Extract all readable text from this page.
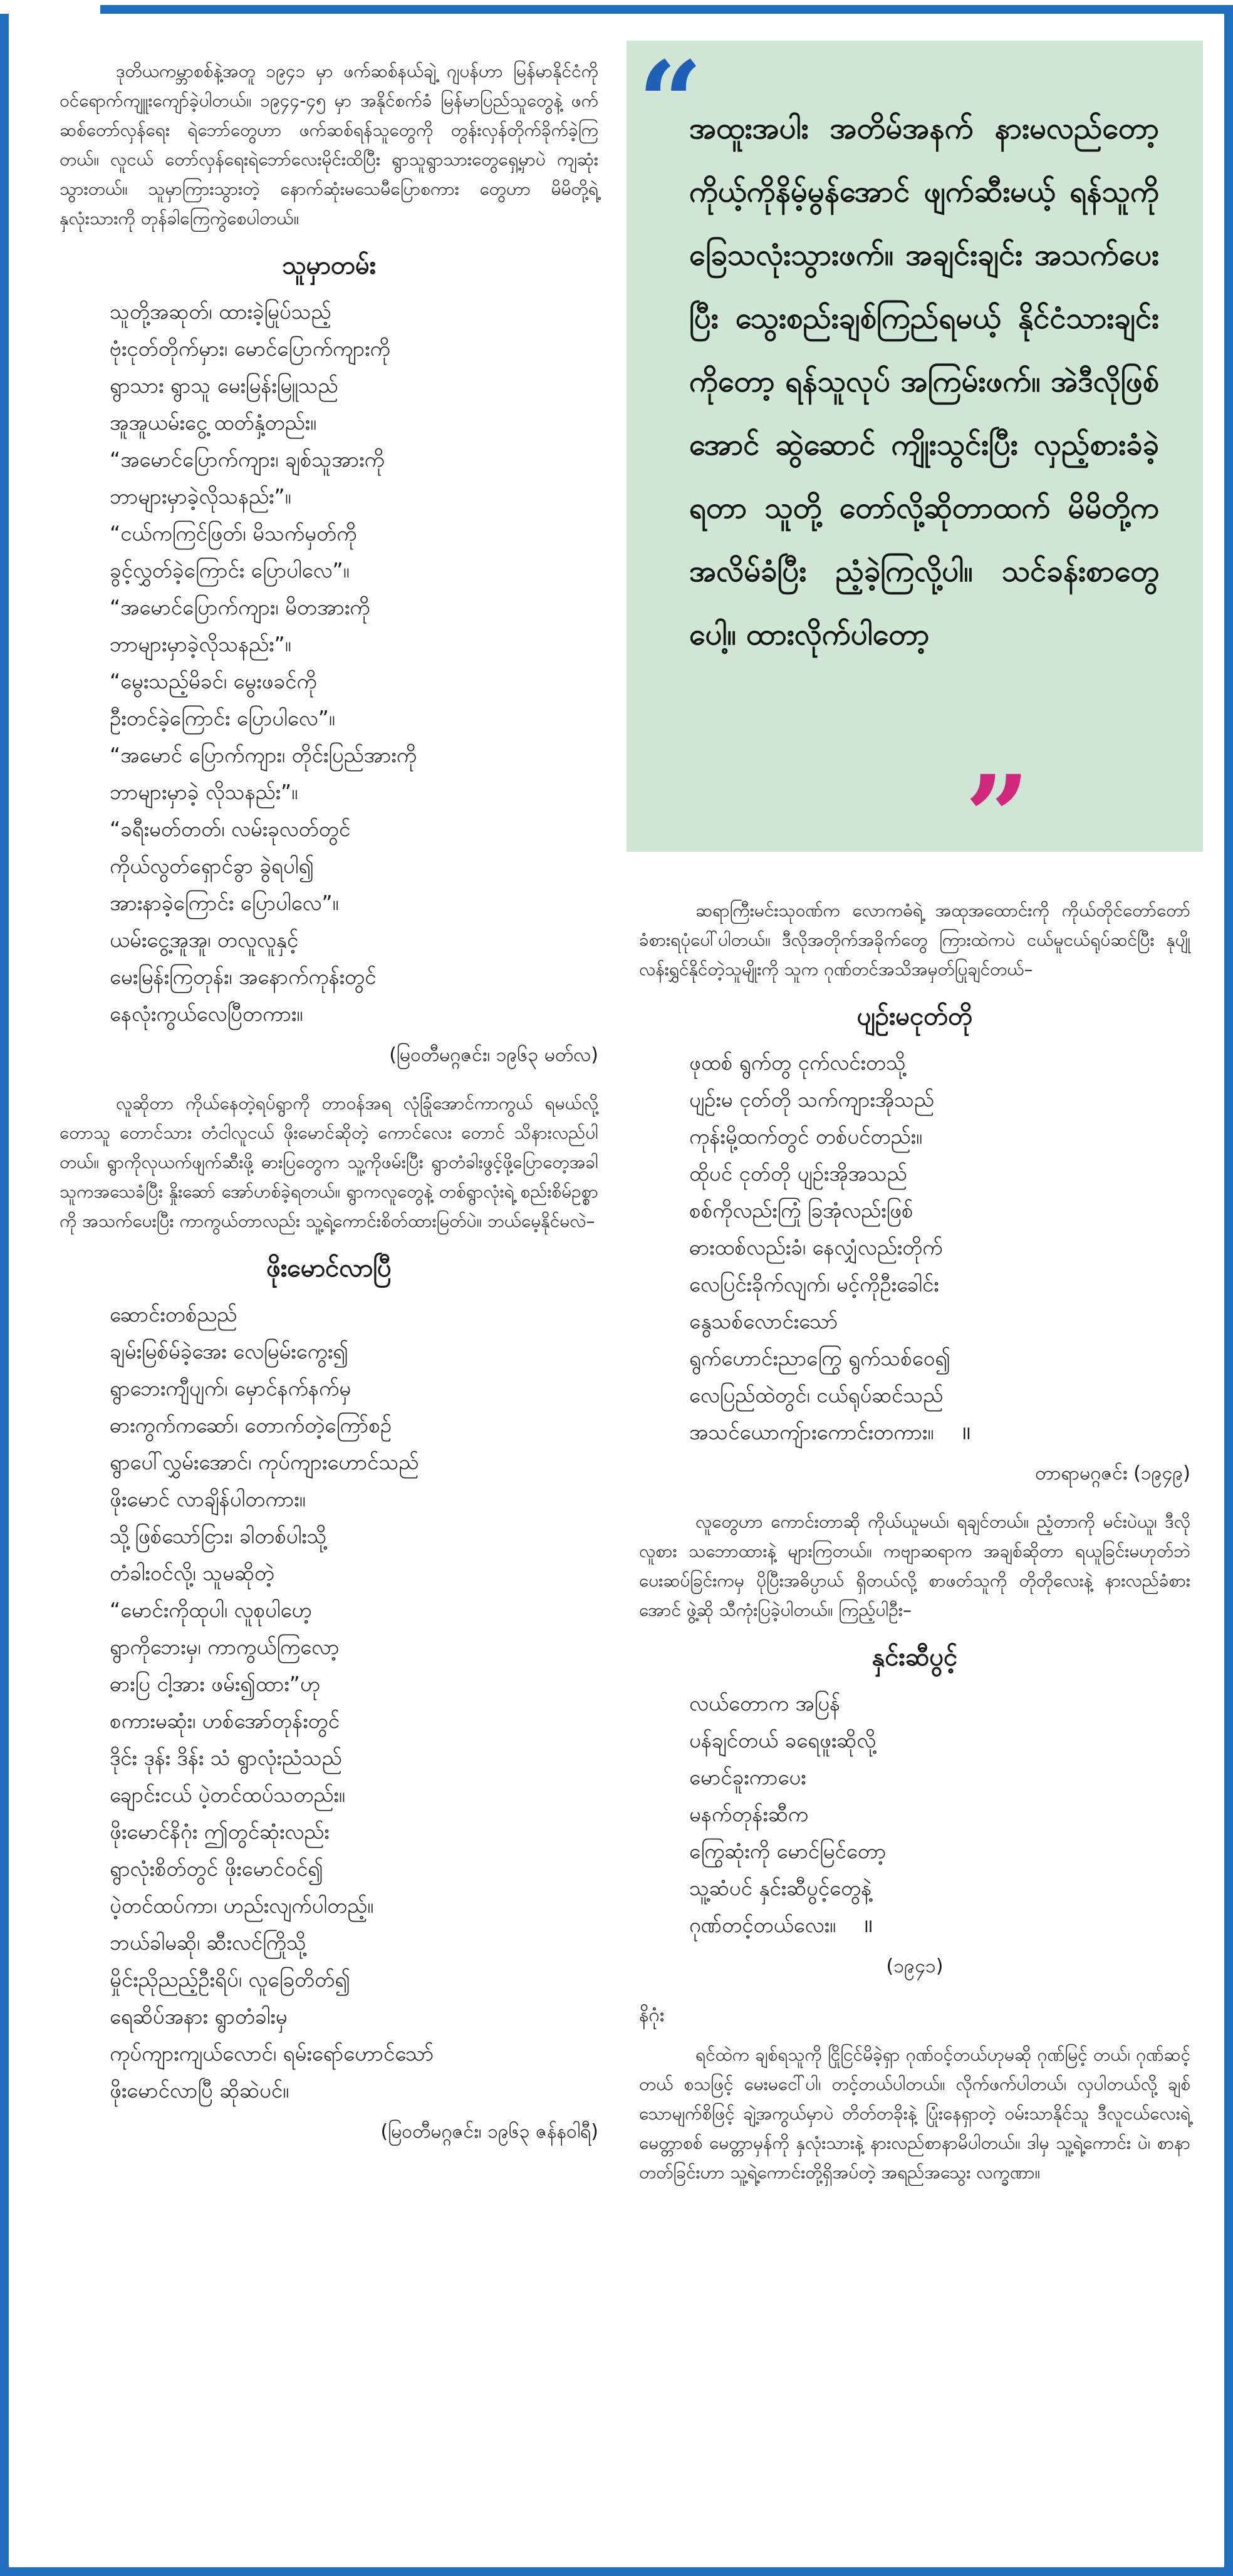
ဒုတိယကမ္ဘာစစ်နဲ့အတူ ၁၉၄၁ မှာ ဖက်ဆစ်နယ်ချဲ့ ဂျပန်ဟာ မြန်မာနိုင်ငံကို ဝင်ရောက်ကျူးကျော်ခဲ့ပါတယ်။ ၁၉၄၄-၄၅ မှာ အနိုင်စက်ခံ မြန်မာပြည်သူတွေနဲ့ ဖက်ဆစ်တော်လှန်ရေး ရဲဘော်တွေဟာ ဖက်ဆစ်ရန်သူတွေကို တွန်းလှန်တိုက်ခိုက်ခဲ့ကြတယ်။ လူငယ် တော်လှန်ရေးရဲဘော်လေးမိုင်းထိပြီး ရွာသူရွာသားတွေရှေ့မှာပဲ ကျဆုံးသွားတယ်။ သူမှာကြားသွားတဲ့ နောက်ဆုံးမသေမီပြောစကား တွေဟာ မိမိတို့ရဲ့ နှလုံးသားကို တုန်ခါကြေကွဲစေပါတယ်။

သူမှာတမ်း
သူတို့အဆုတ်၊ ထားခဲ့မြုပ်သည့်
ဗုံးငုတ်တိုက်မှား၊ မောင်ပြောက်ကျားကို
ရွာသား ရွာသူ မေးမြန်းမြူသည်
အူအူယမ်းငွေ့ ထတ်နှံ့တည်း။
“အမောင်ပြောက်ကျား၊ ချစ်သူအားကို
ဘာများမှာခဲ့လိုသနည်း”။
“ငယ်ကကြင်ဖြတ်၊ မိသက်မှတ်ကို
ခွင့်လွှတ်ခဲ့ကြောင်း ပြောပါလေ”။
“အမောင်ပြောက်ကျား၊ မိတအားကို
ဘာများမှာခဲ့လိုသနည်း”။
“မွေးသည့်မိခင်၊ မွေးဖခင်ကို
ဦးတင်ခဲ့ကြောင်း ပြောပါလေ”။
“အမောင် ပြောက်ကျား၊ တိုင်းပြည်အားကို
ဘာများမှာခဲ့ လိုသနည်း”။
“ခရီးမတ်တတ်၊ လမ်းခုလတ်တွင်
ကိုယ်လွတ်ရှောင်ခွာ ခွဲရပါ၍
အားနာခဲ့ကြောင်း ပြောပါလေ”။
ယမ်းငွေ့အူအူ၊ တလူလူနှင့်
မေးမြန်းကြတုန်း၊ အနောက်ကုန်းတွင်
နေလုံးကွယ်လေပြီတကား။
(မြဝတီမဂ္ဂဇင်း၊ ၁၉၆၃ မတ်လ)

လူဆိုတာ ကိုယ်နေတဲ့ရပ်ရွာကို တာဝန်အရ လုံခြုံအောင်ကာကွယ် ရမယ်လို့ တောသူ တောင်သား တံငါလူငယ် ဖိုးမောင်ဆိုတဲ့ ကောင်လေး တောင် သိနားလည်ပါတယ်။ ရွာကိုလုယက်ဖျက်ဆီးဖို့ ဓားပြတွေက သူ့ကိုဖမ်းပြီး ရွာတံခါးဖွင့်ဖို့ပြောတေ့အခါ သူကအသေခံပြီး နှိုးဆော် အော်ဟစ်ခဲ့ရတယ်။ ရွာကလူတွေနဲ့ တစ်ရွာလုံးရဲ့ စည်းစိမ်ဥစ္စာကို အသက်ပေးပြီး ကာကွယ်တာလည်း သူ့ရဲ့ကောင်းစိတ်ထားမြတ်ပဲ။ ဘယ်မေ့နိုင်မလဲ–

ဖိုးမောင်လာပြီ
ဆောင်းတစ်ညည်
ချမ်းမြစ်မ်ခဲ့အေး လေမြမ်းကွေး၍
ရွာဘေးကျီပျက်၊ မှောင်နက်နက်မှ
ဓားကွက်ကဆော်၊ တောက်တဲ့ကြော်စဉ်
ရွာပေါ်လွှမ်းအောင်၊ ကုပ်ကျားဟောင်သည်
ဖိုးမောင် လာချိန်ပါတကား။
သို့ဖြစ်သော်ငြား၊ ခါတစ်ပါးသို့
တံခါးဝင်လို့၊ သူမဆိုတဲ့
“မောင်းကိုထုပါ၊ လူစုပါဟေ့
ရွာကိုဘေးမှ၊ ကာကွယ်ကြလော့
ဓားပြ ငါ့အား ဖမ်း၍ထား”ဟု
စကားမဆုံး၊ ဟစ်အော်တုန်းတွင်
ဒိုင်း ဒုန်း ဒိန်း သံ ရွာလုံးညံသည်
ချောင်းငယ် ပဲ့တင်ထပ်သတည်း။
ဖိုးမောင်နိဂုံး ဤတွင်ဆုံးလည်း
ရွာလုံးစိတ်တွင် ဖိုးမောင်ဝင်၍
ပဲ့တင်ထပ်ကာ၊ ဟည်းလျက်ပါတည့်။
ဘယ်ခါမဆို၊ ဆီးလင်ကြိုသို့
မှိုင်းညိုညည့်ဦးရိပ်၊ လူခြေတိတ်၍
ရေဆိပ်အနား ရွာတံခါးမှ
ကုပ်ကျားကျယ်လောင်၊ ရမ်းရော်ဟောင်သော်
ဖိုးမောင်လာပြီ ဆိုဆဲပင်။
(မြဝတီမဂ္ဂဇင်း၊ ၁၉၆၃ ဇန်နဝါရီ)
“
အထူးအပါး အတိမ်အနက် နားမလည်တော့ ကိုယ့်ကိုနိမ့်မွန်အောင် ဖျက်ဆီးမယ့် ရန်သူကို ခြေသလုံးသွားဖက်။ အချင်းချင်း အသက်ပေးပြီး သွေးစည်းချစ်ကြည်ရမယ့် နိုင်ငံသားချင်းကိုတော့ ရန်သူလုပ် အကြမ်းဖက်။ အဲဒီလိုဖြစ်အောင် ဆွဲဆောင် ကျိုးသွင်းပြီး လှည့်စားခံခဲ့ရတာ သူတို့ တော်လို့ဆိုတာထက် မိမိတို့က အလိမ်ခံပြီး ညံ့ခဲ့ကြလို့ပါ။ သင်ခန်းစာတွေပေါ့။ ထားလိုက်ပါတော့
”

ဆရာကြီးမင်းသုဝဏ်က လောကဓံရဲ့ အထုအထောင်းကို ကိုယ်တိုင်တော်တော်ခံစားရပုံပေါ်ပါတယ်။ ဒီလိုအတိုက်အခိုက်တွေ ကြားထဲကပဲ ငယ်မူငယ်ရုပ်ဆင်ပြီး နုပျိုလန်းရွှင်နိုင်တဲ့သူမျိုးကို သူက ဂုဏ်တင်အသိအမှတ်ပြုချင်တယ်–

ပျဉ်းမငုတ်တို
ဖုထစ် ရွက်တွ ငုက်လင်းတသို့
ပျဉ်းမ ငုတ်တို သက်ကျားအိုသည်
ကုန်းမို့ထက်တွင် တစ်ပင်တည်း။
ထိုပင် ငုတ်တို ပျဉ်းအိုအသည်
စစ်ကိုလည်းကြုံ ခြအုံလည်းဖြစ်
ဓားထစ်လည်းခံ၊ နေလျှံလည်းတိုက်
လေပြင်းခိုက်လျက်၊ မင့်ကိုဦးခေါင်း
နွေသစ်လောင်းသော်
ရွက်ဟောင်းညာကြွေ ရွက်သစ်ဝေ၍
လေပြည်ထဲတွင်၊ ငယ်ရုပ်ဆင်သည်
အသင်ယောကျ်ားကောင်းတကား။ ॥
တာရာမဂ္ဂဇင်း (၁၉၄၉)

လူတွေဟာ ကောင်းတာဆို ကိုယ်ယူမယ်၊ ရချင်တယ်။ ညံ့တာကို မင်းပဲယူ၊ ဒီလိုလူစား သဘောထားနဲ့ များကြတယ်။ ကဗျာဆရာက အချစ်ဆိုတာ ရယူခြင်းမဟုတ်ဘဲ ပေးဆပ်ခြင်းကမှ ပိုပြီးအဓိပ္ပာယ် ရှိတယ်လို့ စာဖတ်သူကို တိုတိုလေးနဲ့ နားလည်ခံစားအောင် ဖွဲ့ဆို သီကုံးပြခဲ့ပါတယ်။ ကြည့်ပါဦး–

နှင်းဆီပွင့်
လယ်တောက အပြန်
ပန်ချင်တယ် ခရေဖူးဆိုလို့
မောင်ခူးကာပေး
မနက်တုန်းဆီက
ကြွေဆုံးကို မောင်မြင်တော့
သူ့ဆံပင် နှင်းဆီပွင့်တွေနဲ့
ဂုဏ်တင့်တယ်လေး။ ॥
(၁၉၄၁)
နိဂုံး

ရင်ထဲက ချစ်ရသူကို ငြိုငြင်မိခဲ့ရှာ ဂုဏ်ဝင့်တယ်ဟုမဆို ဂုဏ်မြင့် တယ်၊ ဂုဏ်ဆင့်တယ် စသဖြင့် မေးမငေါ်ပါ၊ တင့်တယ်ပါတယ်။ လိုက်ဖက်ပါတယ်၊ လှပါတယ်လို့ ချစ်သောမျက်စိဖြင့် ချဲ့အကွယ်မှာပဲ တိတ်တခိုးနဲ့ ပြုံးနေရှာတဲ့ ဝမ်းသာနိုင်သူ ဒီလူငယ်လေးရဲ့ မေတ္တာစစ် မေတ္တာမှန်ကို နှလုံးသားနဲ့ နားလည်စာနာမိပါတယ်။ ဒါမှ သူ့ရဲ့ကောင်း ပဲ၊ စာနာတတ်ခြင်းဟာ သူ့ရဲ့ကောင်းတို့ရှိအပ်တဲ့ အရည်အသွေး လက္ခဏာ။
